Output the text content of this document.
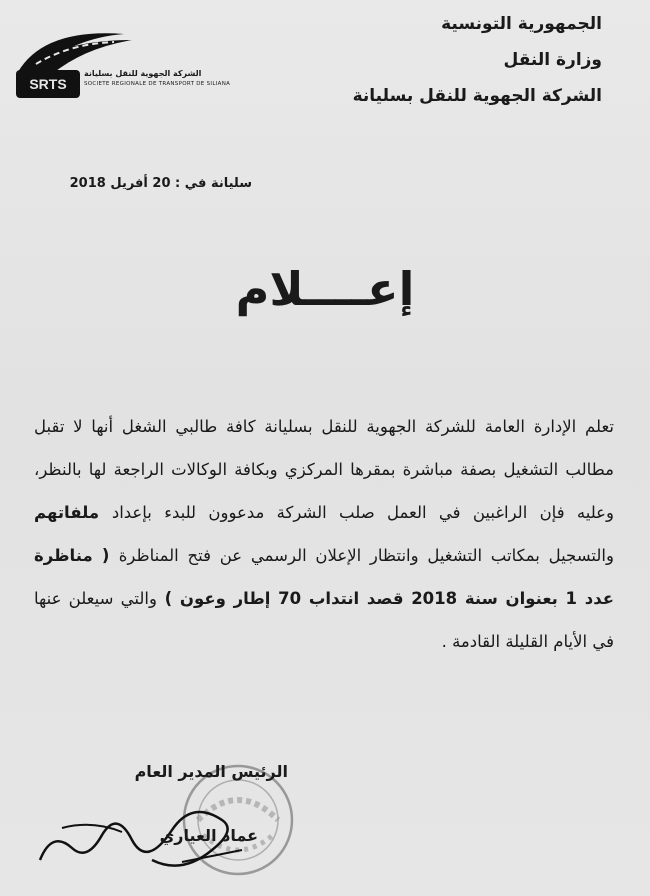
SRTS
الشركة الجهوية للنقل بسليانة
SOCIETE REGIONALE DE TRANSPORT DE SILIANA
الجمهورية التونسية
وزارة النقل
الشركة الجهوية للنقل بسليانة
سليانة في : 20 أفريل 2018
إعــــلام

تعلم الإدارة العامة للشركة الجهوية للنقل بسليانة كافة طالبي الشغل أنها لا تقبل مطالب التشغيل بصفة مباشرة بمقرها المركزي وبكافة الوكالات الراجعة لها بالنظر، وعليه فإن الراغبين في العمل صلب الشركة مدعوون للبدء بإعداد ملفاتهم والتسجيل بمكاتب التشغيل وانتظار الإعلان الرسمي عن فتح المناظرة ( مناظرة عدد 1 بعنوان سنة 2018 قصد انتداب 70 إطار وعون ) والتي سيعلن عنها في الأيام القليلة القادمة .

الرئيس المدير العام
عماد العياري
